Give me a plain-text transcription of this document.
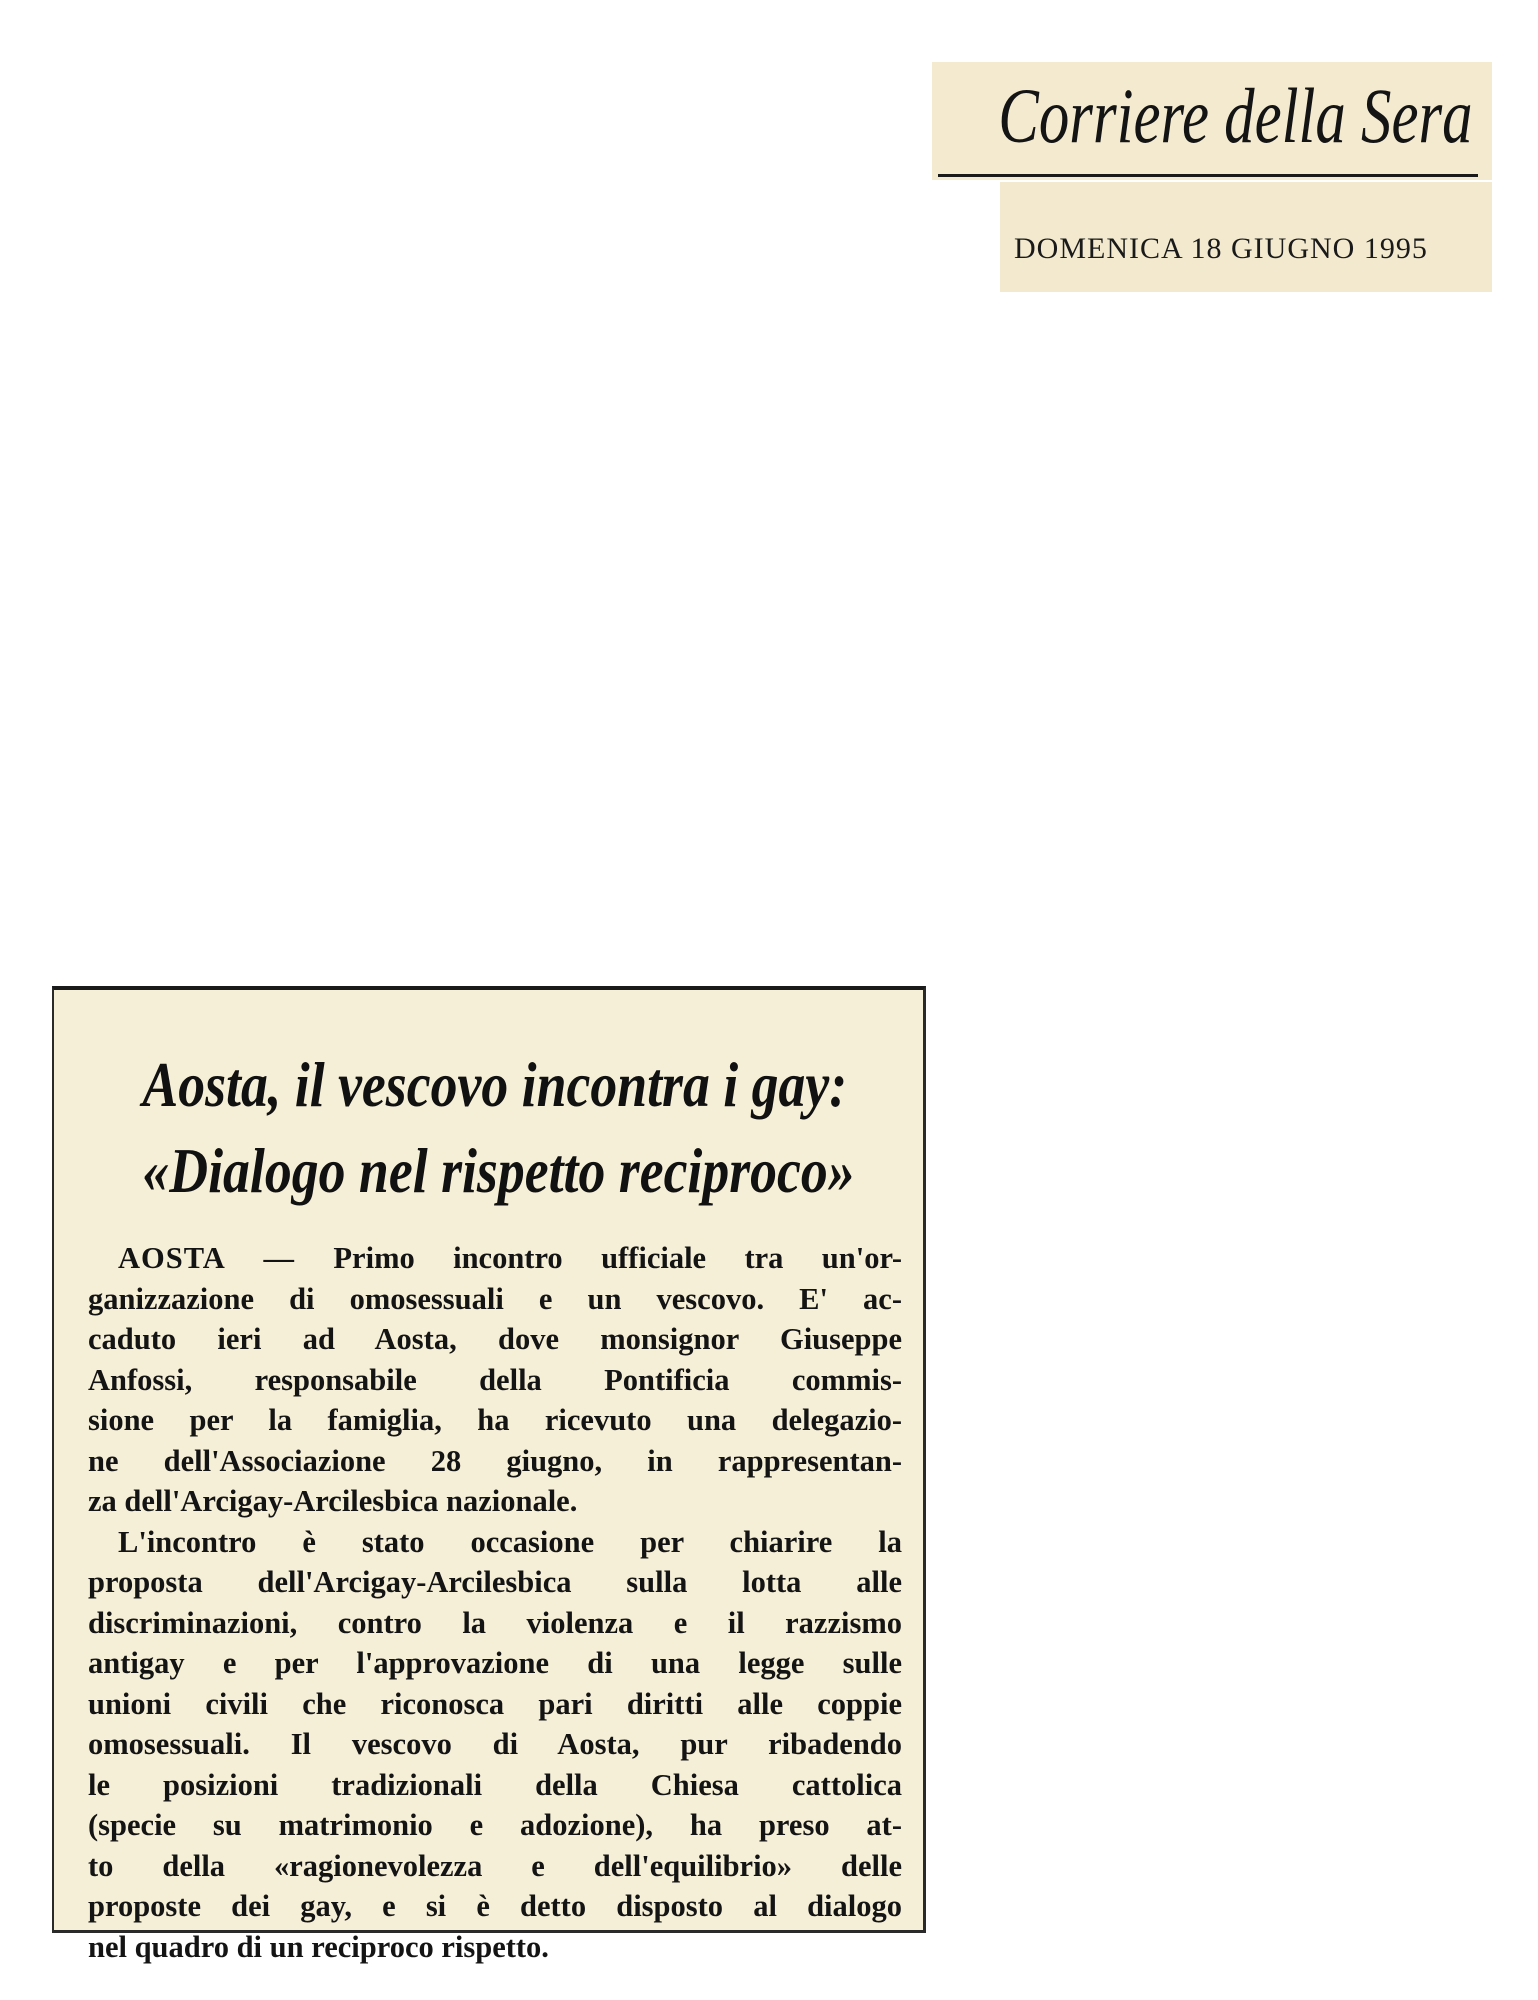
Corriere della Sera
DOMENICA 18 GIUGNO 1995
Aosta, il vescovo incontra i gay:
«Dialogo nel rispetto reciproco»
AOSTA — Primo incontro ufficiale tra un'or-
ganizzazione di omosessuali e un vescovo. E' ac-
caduto ieri ad Aosta, dove monsignor Giuseppe
Anfossi, responsabile della Pontificia commis-
sione per la famiglia, ha ricevuto una delegazio-
ne dell'Associazione 28 giugno, in rappresentan-
za dell'Arcigay-Arcilesbica nazionale.
L'incontro è stato occasione per chiarire la
proposta dell'Arcigay-Arcilesbica sulla lotta alle
discriminazioni, contro la violenza e il razzismo
antigay e per l'approvazione di una legge sulle
unioni civili che riconosca pari diritti alle coppie
omosessuali. Il vescovo di Aosta, pur ribadendo
le posizioni tradizionali della Chiesa cattolica
(specie su matrimonio e adozione), ha preso at-
to della «ragionevolezza e dell'equilibrio» delle
proposte dei gay, e si è detto disposto al dialogo
nel quadro di un reciproco rispetto.
